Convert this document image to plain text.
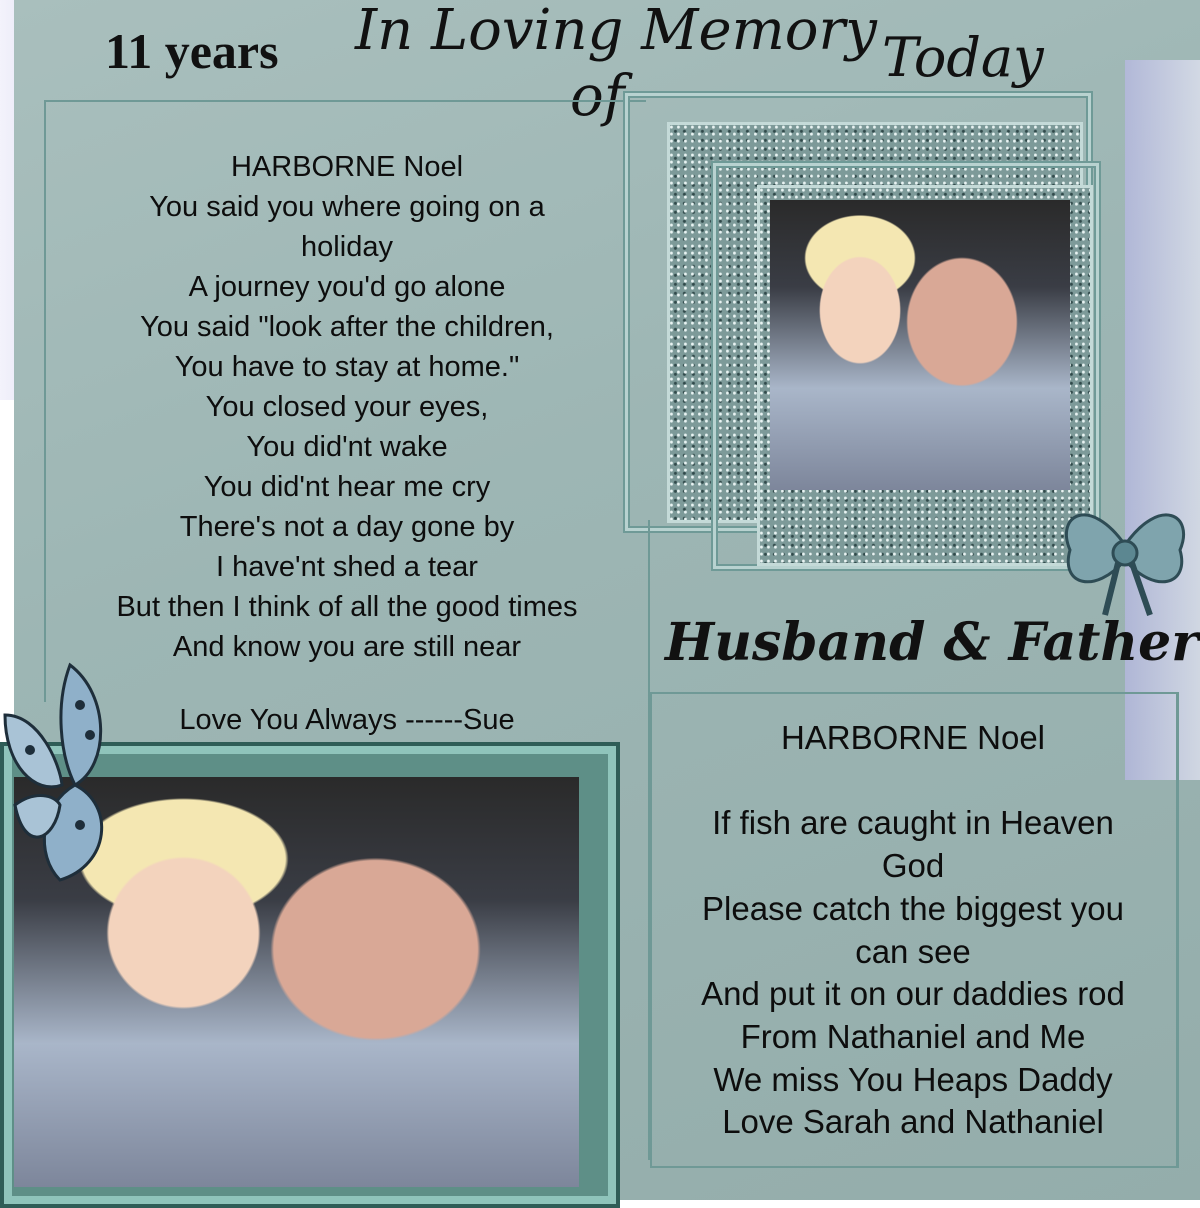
11 years In Loving Memory
of
Today
HARBORNE Noel
You said you where going on a
holiday
A journey you'd go alone
You said "look after the children,
You have to stay at home."
You closed your eyes,
You did'nt wake
You did'nt hear me cry
There's not a day gone by
I have'nt shed a tear
But then I think of all the good times
And know you are still near
Love You Always ------Sue
Husband & Father
HARBORNE Noel

If fish are caught in Heaven
God
Please catch the biggest you
can see
And put it on our daddies rod
From Nathaniel and Me
We miss You Heaps Daddy
Love Sarah and Nathaniel
